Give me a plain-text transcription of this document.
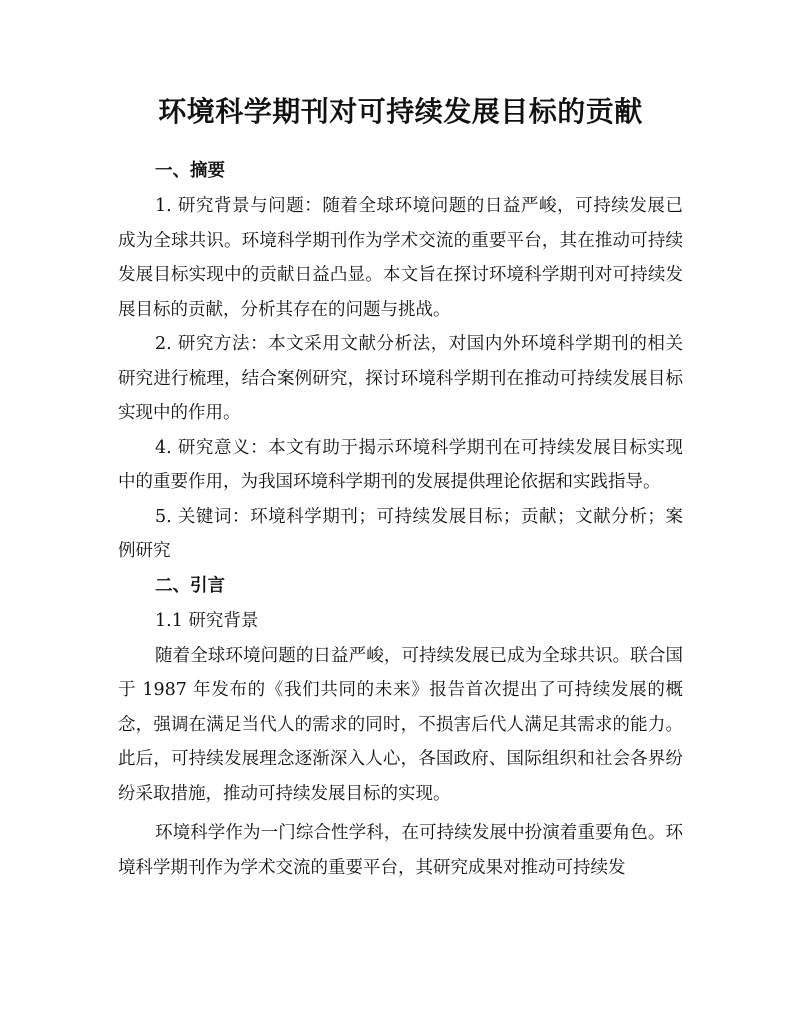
环境科学期刊对可持续发展目标的贡献
一、摘要

1. 研究背景与问题：随着全球环境问题的日益严峻，可持续发展已成为全球共识。环境科学期刊作为学术交流的重要平台，其在推动可持续发展目标实现中的贡献日益凸显。本文旨在探讨环境科学期刊对可持续发展目标的贡献，分析其存在的问题与挑战。

2. 研究方法：本文采用文献分析法，对国内外环境科学期刊的相关研究进行梳理，结合案例研究，探讨环境科学期刊在推动可持续发展目标实现中的作用。

4. 研究意义：本文有助于揭示环境科学期刊在可持续发展目标实现中的重要作用，为我国环境科学期刊的发展提供理论依据和实践指导。

5. 关键词：环境科学期刊；可持续发展目标；贡献；文献分析；案例研究

二、引言
1.1 研究背景

随着全球环境问题的日益严峻，可持续发展已成为全球共识。联合国于 1987 年发布的《我们共同的未来》报告首次提出了可持续发展的概念，强调在满足当代人的需求的同时，不损害后代人满足其需求的能力。此后，可持续发展理念逐渐深入人心，各国政府、国际组织和社会各界纷纷采取措施，推动可持续发展目标的实现。

环境科学作为一门综合性学科，在可持续发展中扮演着重要角色。环境科学期刊作为学术交流的重要平台，其研究成果对推动可持续发
